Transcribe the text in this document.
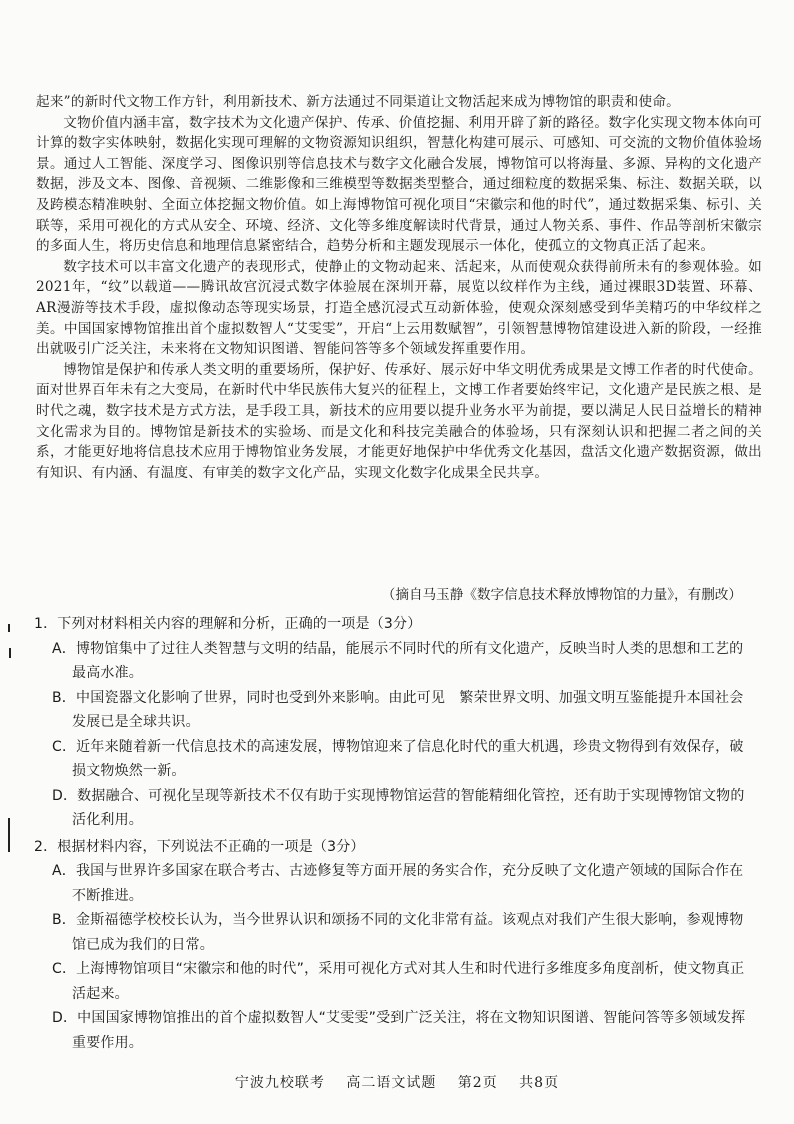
起来”的新时代文物工作方针，利用新技术、新方法通过不同渠道让文物活起来成为博物馆的职责和使命。

文物价值内涵丰富，数字技术为文化遗产保护、传承、价值挖掘、利用开辟了新的路径。数字化实现文物本体向可计算的数字实体映射，数据化实现可理解的文物资源知识组织，智慧化构建可展示、可感知、可交流的文物价值体验场景。通过人工智能、深度学习、图像识别等信息技术与数字文化融合发展，博物馆可以将海量、多源、异构的文化遗产数据，涉及文本、图像、音视频、二维影像和三维模型等数据类型整合，通过细粒度的数据采集、标注、数据关联，以及跨模态精准映射、全面立体挖掘文物价值。如上海博物馆可视化项目“宋徽宗和他的时代”，通过数据采集、标引、关联等，采用可视化的方式从安全、环境、经济、文化等多维度解读时代背景，通过人物关系、事件、作品等剖析宋徽宗的多面人生，将历史信息和地理信息紧密结合，趋势分析和主题发现展示一体化，使孤立的文物真正活了起来。

数字技术可以丰富文化遗产的表现形式，使静止的文物动起来、活起来，从而使观众获得前所未有的参观体验。如2021年，“纹”以载道——腾讯故宫沉浸式数字体验展在深圳开幕，展览以纹样作为主线，通过裸眼3D装置、环幕、AR漫游等技术手段，虚拟像动态等现实场景，打造全感沉浸式互动新体验，使观众深刻感受到华美精巧的中华纹样之美。中国国家博物馆推出首个虚拟数智人“艾雯雯”，开启“上云用数赋智”，引领智慧博物馆建设进入新的阶段，一经推出就吸引广泛关注，未来将在文物知识图谱、智能问答等多个领域发挥重要作用。

博物馆是保护和传承人类文明的重要场所，保护好、传承好、展示好中华文明优秀成果是文博工作者的时代使命。面对世界百年未有之大变局，在新时代中华民族伟大复兴的征程上，文博工作者要始终牢记，文化遗产是民族之根、是时代之魂，数字技术是方式方法，是手段工具，新技术的应用要以提升业务水平为前提，要以满足人民日益增长的精神文化需求为目的。博物馆是新技术的实验场、而是文化和科技完美融合的体验场，只有深刻认识和把握二者之间的关系，才能更好地将信息技术应用于博物馆业务发展，才能更好地保护中华优秀文化基因，盘活文化遗产数据资源，做出有知识、有内涵、有温度、有审美的数字文化产品，实现文化数字化成果全民共享。

（摘自马玉静《数字信息技术释放博物馆的力量》，有删改）

1．下列对材料相关内容的理解和分析，正确的一项是（3分）

A．博物馆集中了过往人类智慧与文明的结晶，能展示不同时代的所有文化遗产，反映当时人类的思想和工艺的最高水准。

B．中国瓷器文化影响了世界，同时也受到外来影响。由此可见　繁荣世界文明、加强文明互鉴能提升本国社会发展已是全球共识。

C．近年来随着新一代信息技术的高速发展，博物馆迎来了信息化时代的重大机遇，珍贵文物得到有效保存，破损文物焕然一新。

D．数据融合、可视化呈现等新技术不仅有助于实现博物馆运营的智能精细化管控，还有助于实现博物馆文物的活化利用。

2．根据材料内容，下列说法不正确的一项是（3分）

A．我国与世界许多国家在联合考古、古迹修复等方面开展的务实合作，充分反映了文化遗产领域的国际合作在不断推进。

B．金斯福德学校校长认为，当今世界认识和颂扬不同的文化非常有益。该观点对我们产生很大影响，参观博物馆已成为我们的日常。

C．上海博物馆项目“宋徽宗和他的时代”，采用可视化方式对其人生和时代进行多维度多角度剖析，使文物真正活起来。

D．中国国家博物馆推出的首个虚拟数智人“艾雯雯”受到广泛关注，将在文物知识图谱、智能问答等多领域发挥重要作用。

宁波九校联考 高二语文试题 第2页 共8页
